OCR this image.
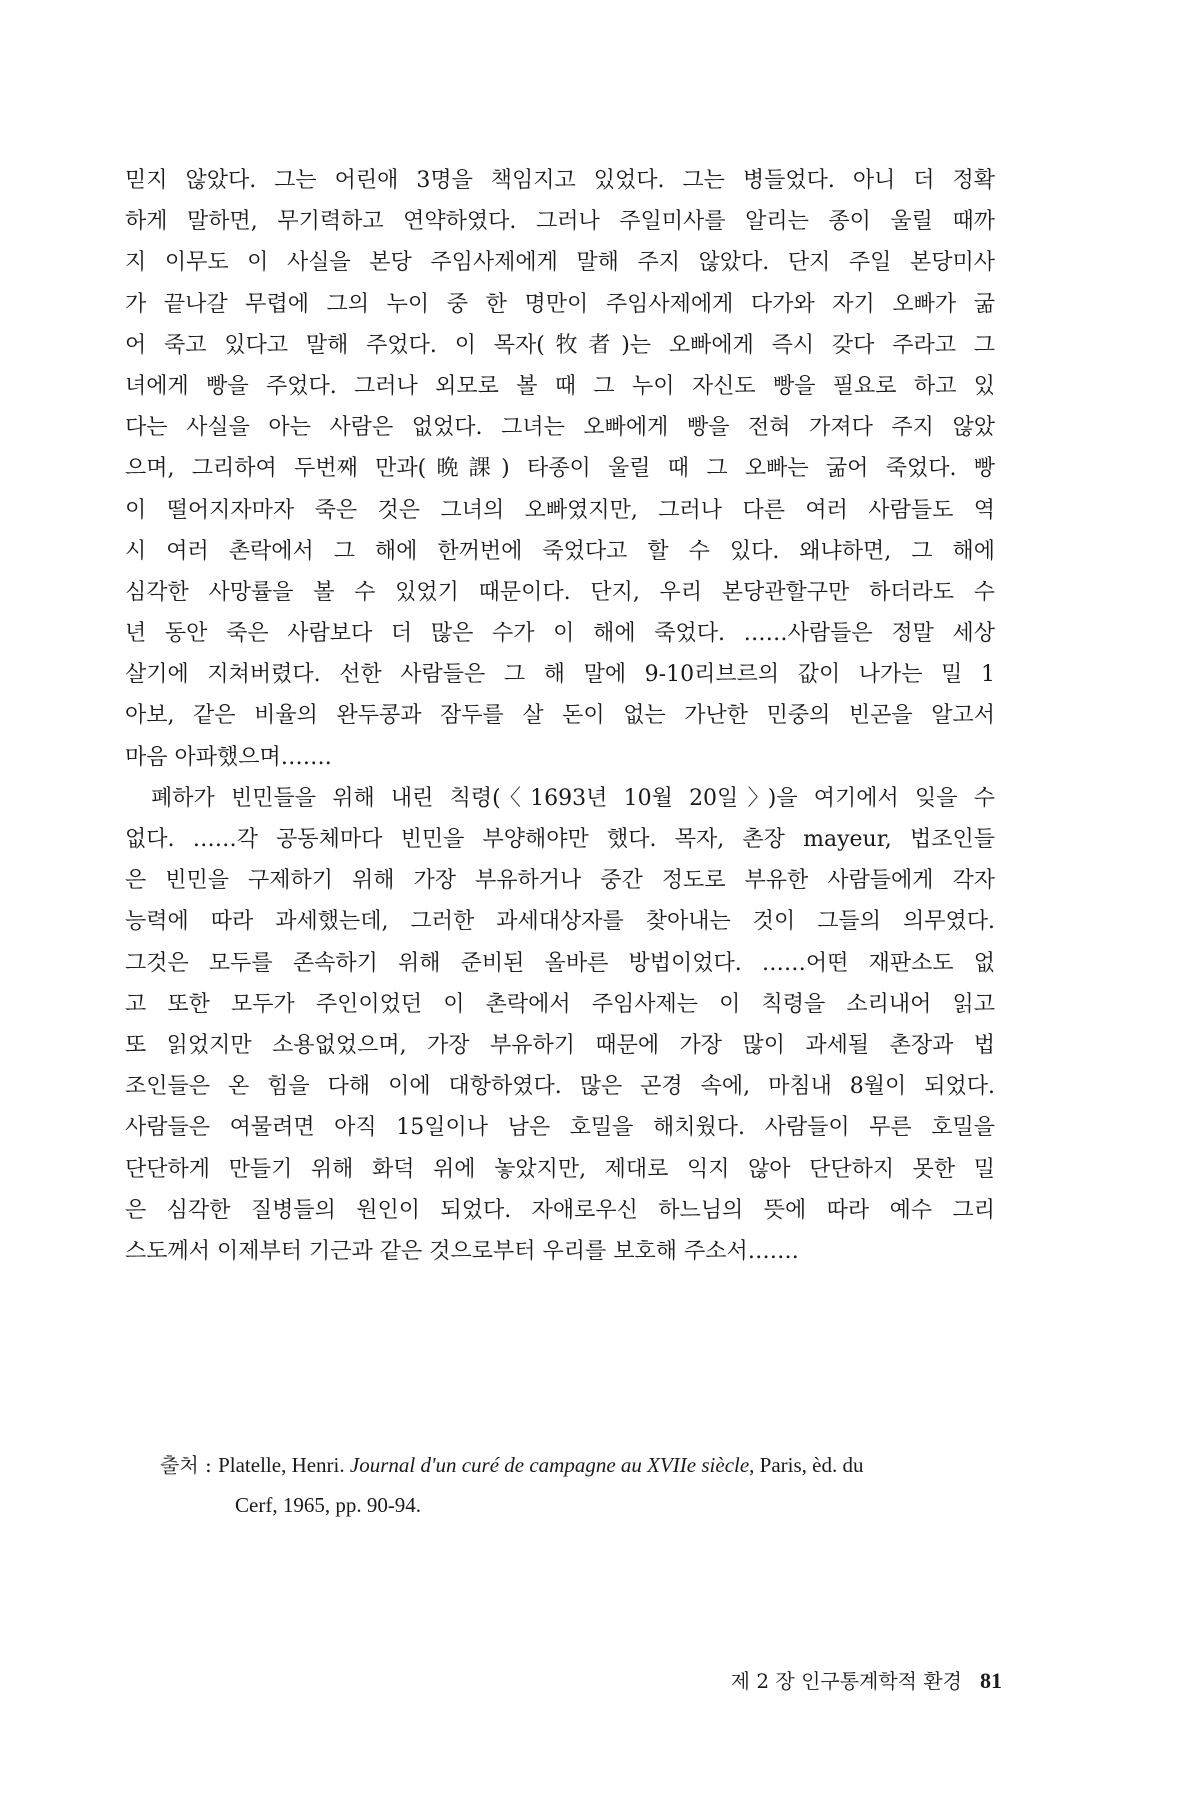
믿지 않았다. 그는 어린애 3명을 책임지고 있었다. 그는 병들었다. 아니 더 정확
하게 말하면, 무기력하고 연약하였다. 그러나 주일미사를 알리는 종이 울릴 때까
지 이무도 이 사실을 본당 주임사제에게 말해 주지 않았다. 단지 주일 본당미사
가 끝나갈 무렵에 그의 누이 중 한 명만이 주임사제에게 다가와 자기 오빠가 굶
어 죽고 있다고 말해 주었다. 이 목자(牧者)는 오빠에게 즉시 갖다 주라고 그
녀에게 빵을 주었다. 그러나 외모로 볼 때 그 누이 자신도 빵을 필요로 하고 있
다는 사실을 아는 사람은 없었다. 그녀는 오빠에게 빵을 전혀 가져다 주지 않았
으며, 그리하여 두번째 만과(晩課) 타종이 울릴 때 그 오빠는 굶어 죽었다. 빵
이 떨어지자마자 죽은 것은 그녀의 오빠였지만, 그러나 다른 여러 사람들도 역
시 여러 촌락에서 그 해에 한꺼번에 죽었다고 할 수 있다. 왜냐하면, 그 해에
심각한 사망률을 볼 수 있었기 때문이다. 단지, 우리 본당관할구만 하더라도 수
년 동안 죽은 사람보다 더 많은 수가 이 해에 죽었다. ……사람들은 정말 세상
살기에 지쳐버렸다. 선한 사람들은 그 해 말에 9-10리브르의 값이 나가는 밀 1
아보, 같은 비율의 완두콩과 잠두를 살 돈이 없는 가난한 민중의 빈곤을 알고서
마음 아파했으며…….
폐하가 빈민들을 위해 내린 칙령(〈1693년 10월 20일〉)을 여기에서 잊을 수
없다. ……각 공동체마다 빈민을 부양해야만 했다. 목자, 촌장 mayeur, 법조인들
은 빈민을 구제하기 위해 가장 부유하거나 중간 정도로 부유한 사람들에게 각자
능력에 따라 과세했는데, 그러한 과세대상자를 찾아내는 것이 그들의 의무였다.
그것은 모두를 존속하기 위해 준비된 올바른 방법이었다. ……어떤 재판소도 없
고 또한 모두가 주인이었던 이 촌락에서 주임사제는 이 칙령을 소리내어 읽고
또 읽었지만 소용없었으며, 가장 부유하기 때문에 가장 많이 과세될 촌장과 법
조인들은 온 힘을 다해 이에 대항하였다. 많은 곤경 속에, 마침내 8월이 되었다.
사람들은 여물려면 아직 15일이나 남은 호밀을 해치웠다. 사람들이 무른 호밀을
단단하게 만들기 위해 화덕 위에 놓았지만, 제대로 익지 않아 단단하지 못한 밀
은 심각한 질병들의 원인이 되었다. 자애로우신 하느님의 뜻에 따라 예수 그리
스도께서 이제부터 기근과 같은 것으로부터 우리를 보호해 주소서…….
출처 : Platelle, Henri. Journal d'un curé de campagne au XVIIe siècle, Paris, èd. du
Cerf, 1965, pp. 90-94.
제 2 장 인구통계학적 환경 81
